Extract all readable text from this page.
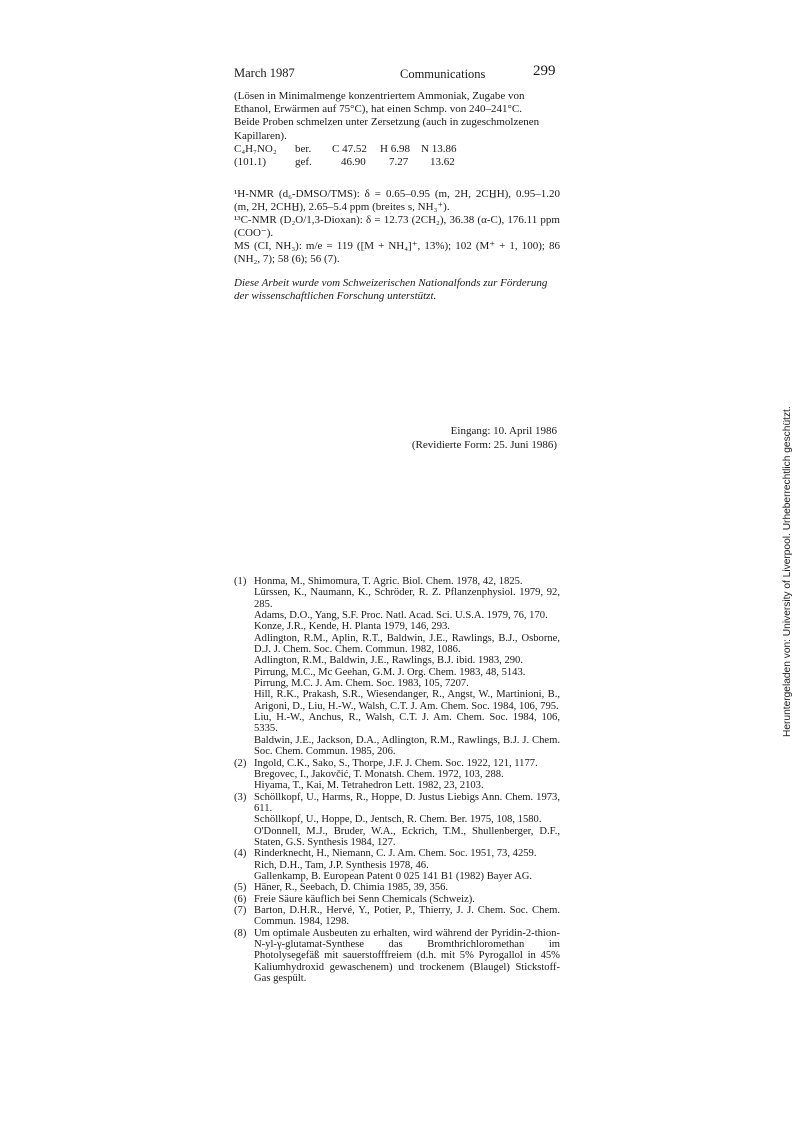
March 1987	Communications	299
(Lösen in Minimalmenge konzentriertem Ammoniak, Zugabe von
Ethanol, Erwärmen auf 75°C), hat einen Schmp. von 240–241°C.
Beide Proben schmelzen unter Zersetzung (auch in zugeschmolzenen
Kapillaren).
C₄H₇NO₂ ber. C 47.52 H 6.98 N 13.86
(101.1)	gef.	46.90 7.27 13.62
¹H-NMR (d₆-DMSO/TMS): δ = 0.65–0.95 (m, 2H, 2CH̲H), 0.95–1.20 (m, 2H, 2CHH̲), 2.65–5.4 ppm (breites s, NH₃⁺).
¹³C-NMR (D₂O/1,3-Dioxan): δ = 12.73 (2CH₂), 36.38 (α-C), 176.11 ppm (COO⁻).
MS (CI, NH₃): m/e = 119 ([M + NH₄]⁺, 13%); 102 (M⁺ + 1, 100); 86 (NH₂, 7); 58 (6); 56 (7).
Diese Arbeit wurde vom Schweizerischen Nationalfonds zur Förderung der wissenschaftlichen Forschung unterstützt.
Eingang: 10. April 1986
(Revidierte Form: 25. Juni 1986)
(1) Honma, M., Shimomura, T. Agric. Biol. Chem. 1978, 42, 1825.
Lürssen, K., Naumann, K., Schröder, R. Z. Pflanzenphysiol. 1979, 92, 285.
Adams, D.O., Yang, S.F. Proc. Natl. Acad. Sci. U.S.A. 1979, 76, 170.
Konze, J.R., Kende, H. Planta 1979, 146, 293.
Adlington, R.M., Aplin, R.T., Baldwin, J.E., Rawlings, B.J., Osborne, D.J. J. Chem. Soc. Chem. Commun. 1982, 1086.
Adlington, R.M., Baldwin, J.E., Rawlings, B.J. ibid. 1983, 290.
Pirrung, M.C., Mc Geehan, G.M. J. Org. Chem. 1983, 48, 5143.
Pirrung, M.C. J. Am. Chem. Soc. 1983, 105, 7207.
Hill, R.K., Prakash, S.R., Wiesendanger, R., Angst, W., Martinioni, B., Arigoni, D., Liu, H.-W., Walsh, C.T. J. Am. Chem. Soc. 1984, 106, 795.
Liu, H.-W., Anchus, R., Walsh, C.T. J. Am. Chem. Soc. 1984, 106, 5335.
Baldwin, J.E., Jackson, D.A., Adlington, R.M., Rawlings, B.J. J. Chem. Soc. Chem. Commun. 1985, 206.
(2) Ingold, C.K., Sako, S., Thorpe, J.F. J. Chem. Soc. 1922, 121, 1177.
Bregovec, I., Jakovčić, T. Monatsh. Chem. 1972, 103, 288.
Hiyama, T., Kai, M. Tetrahedron Lett. 1982, 23, 2103.
(3) Schöllkopf, U., Harms, R., Hoppe, D. Justus Liebigs Ann. Chem. 1973, 611.
Schöllkopf, U., Hoppe, D., Jentsch, R. Chem. Ber. 1975, 108, 1580.
O'Donnell, M.J., Bruder, W.A., Eckrich, T.M., Shullenberger, D.F., Staten, G.S. Synthesis 1984, 127.
(4) Rinderknecht, H., Niemann, C. J. Am. Chem. Soc. 1951, 73, 4259.
Rich, D.H., Tam, J.P. Synthesis 1978, 46.
Gallenkamp, B. European Patent 0 025 141 B1 (1982) Bayer AG.
(5) Häner, R., Seebach, D. Chimia 1985, 39, 356.
(6) Freie Säure käuflich bei Senn Chemicals (Schweiz).
(7) Barton, D.H.R., Hervé, Y., Potier, P., Thierry, J. J. Chem. Soc. Chem. Commun. 1984, 1298.
(8) Um optimale Ausbeuten zu erhalten, wird während der Pyridin-2-thion-N-yl-γ-glutamat-Synthese das Bromthrichloromethan im Photolysegefäß mit sauerstofffreiem (d.h. mit 5% Pyrogallol in 45% Kaliumhydroxid gewaschenem) und trockenem (Blaugel) Stickstoff-Gas gespült.
Heruntergeladen von: University of Liverpool. Urheberrechtlich geschützt.
